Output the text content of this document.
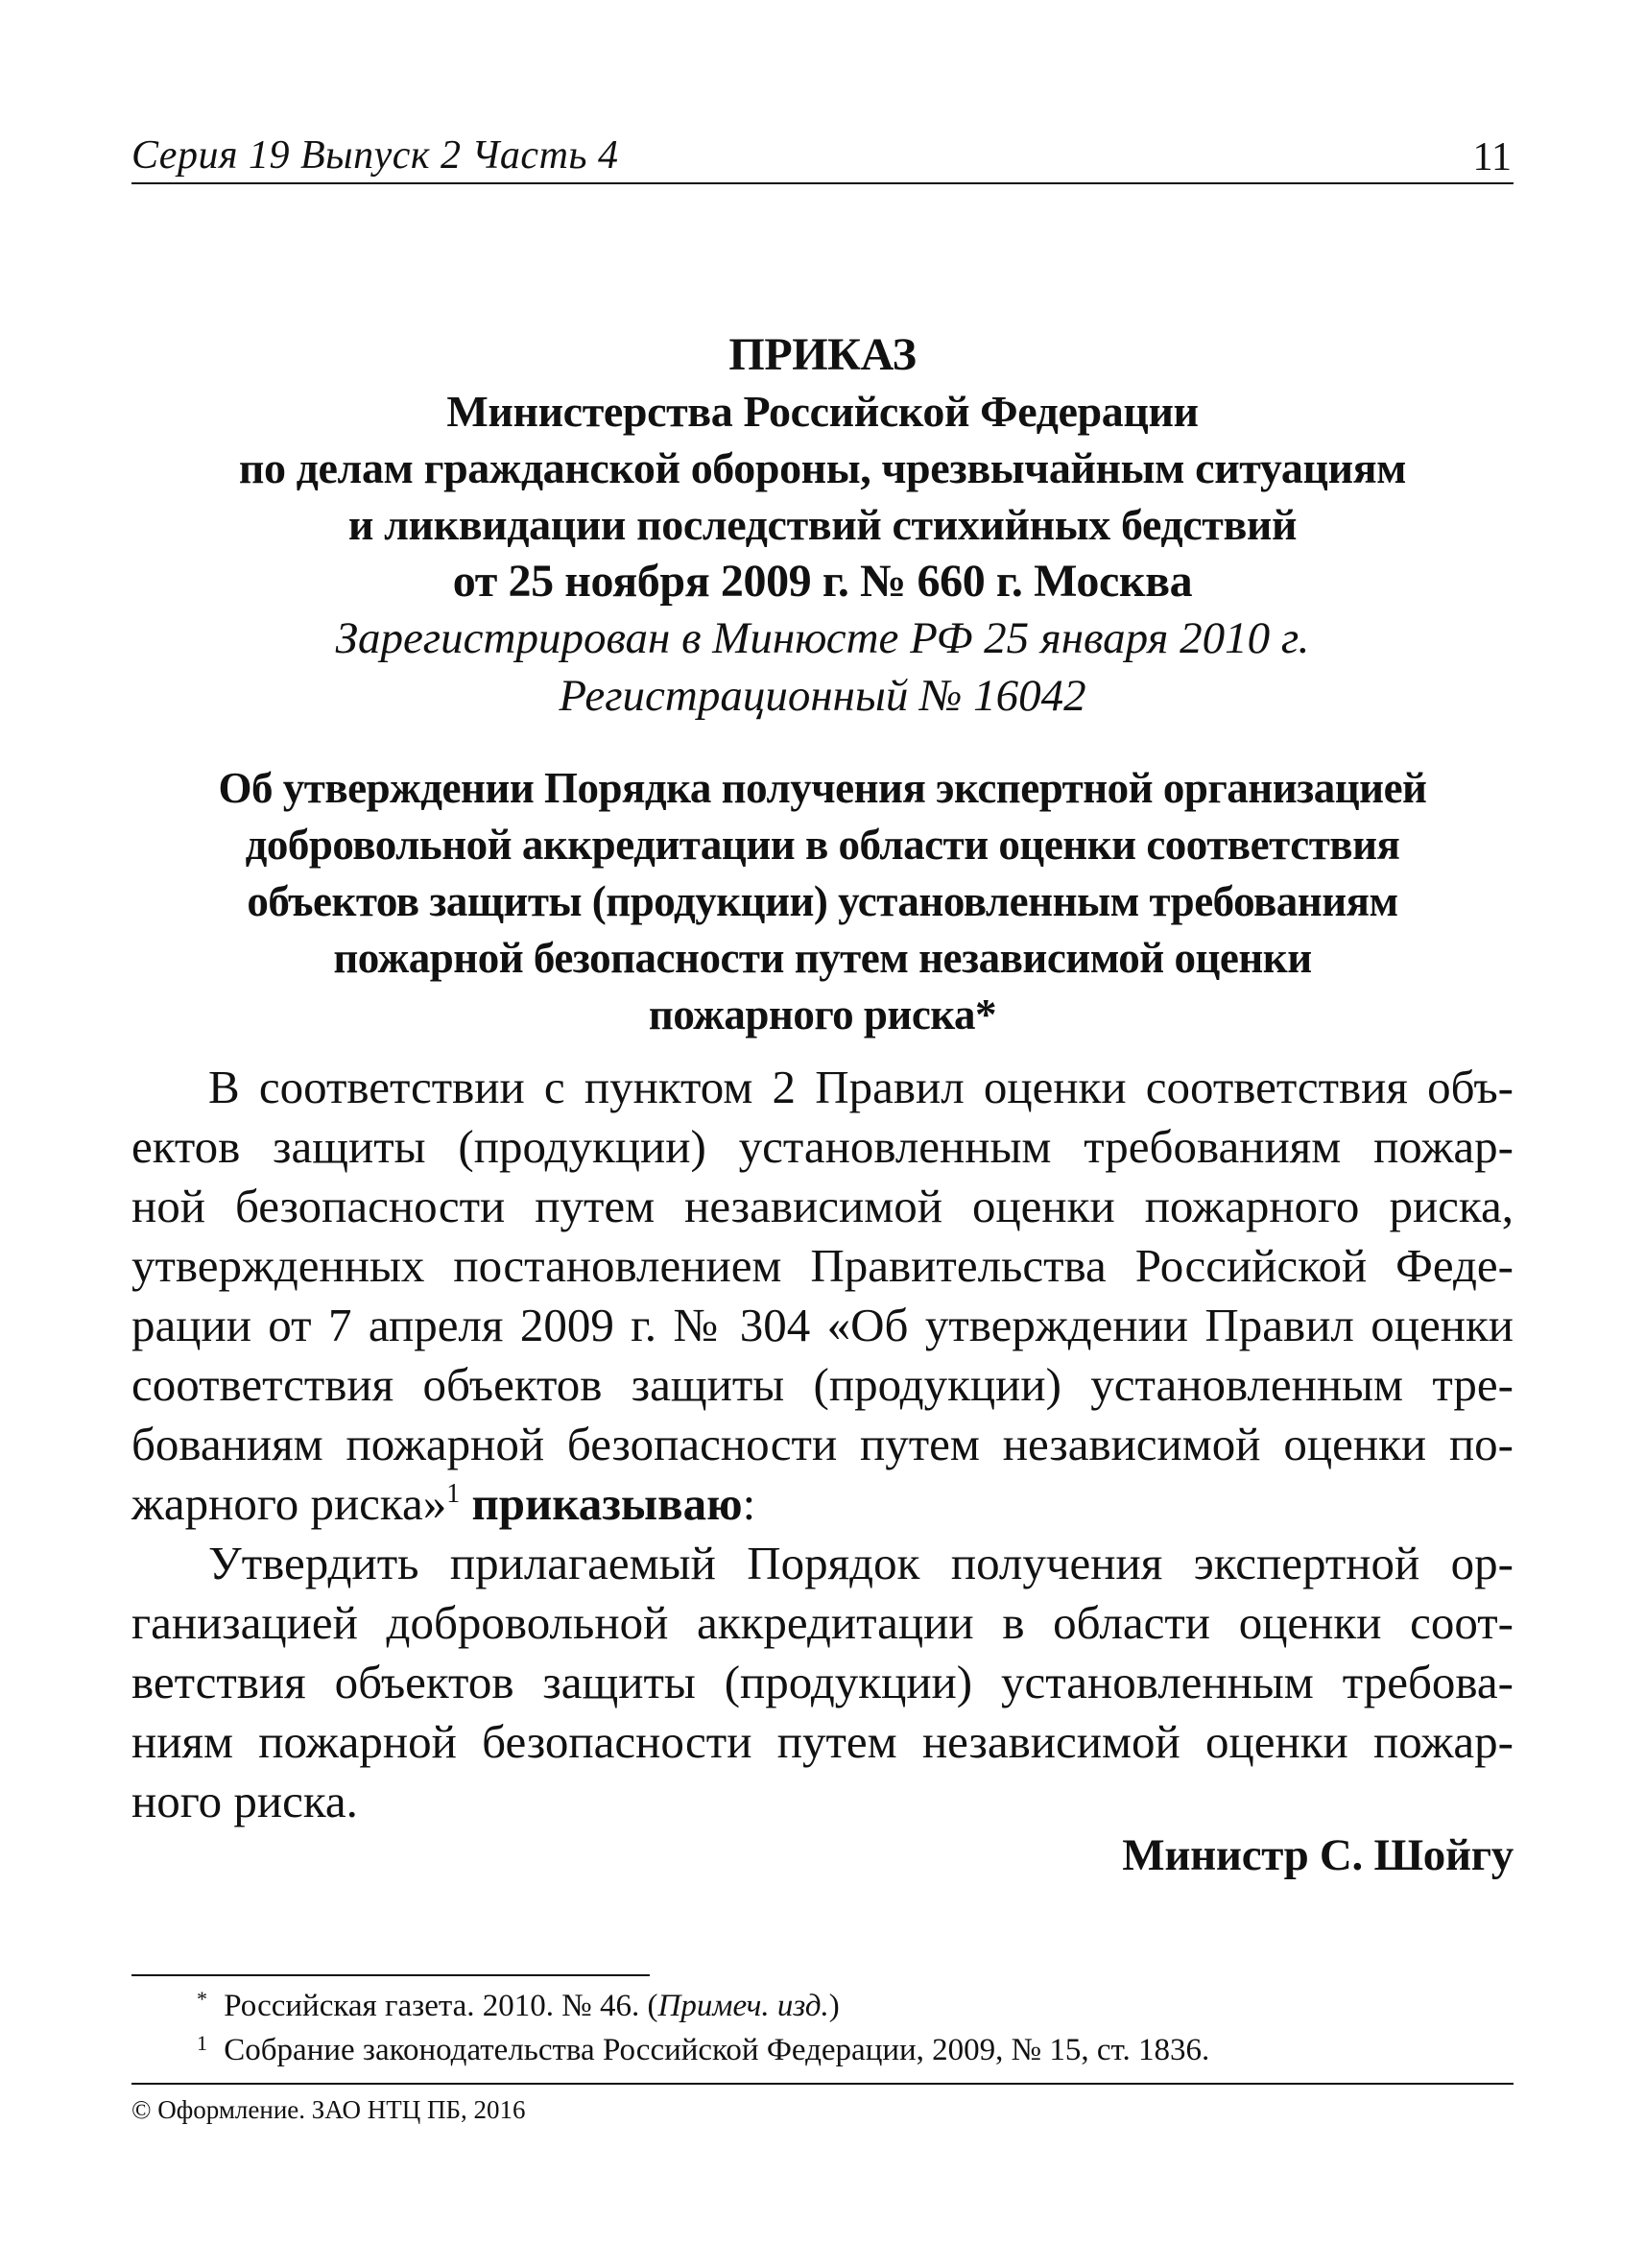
Серия 19 Выпуск 2 Часть 4	11
ПРИКАЗ
Министерства Российской Федерации
по делам гражданской обороны, чрезвычайным ситуациям
и ликвидации последствий стихийных бедствий
от 25 ноября 2009 г. № 660 г. Москва
Зарегистрирован в Минюсте РФ 25 января 2010 г.
Регистрационный № 16042
Об утверждении Порядка получения экспертной организацией
добровольной аккредитации в области оценки соответствия
объектов защиты (продукции) установленным требованиям
пожарной безопасности путем независимой оценки
пожарного риска*
В соответствии с пунктом 2 Правил оценки соответствия объ-
ектов защиты (продукции) установленным требованиям пожар-
ной безопасности путем независимой оценки пожарного риска,
утвержденных постановлением Правительства Российской Феде-
рации от 7 апреля 2009 г. № 304 «Об утверждении Правил оценки
соответствия объектов защиты (продукции) установленным тре-
бованиям пожарной безопасности путем независимой оценки по-
жарного риска»$^1$ приказываю:
Утвердить прилагаемый Порядок получения экспертной ор-
ганизацией добровольной аккредитации в области оценки соот-
ветствия объектов защиты (продукции) установленным требова-
ниям пожарной безопасности путем независимой оценки пожар-
ного риска.
Министр С. Шойгу
* Российская газета. 2010. № 46. (Примеч. изд.)
1 Собрание законодательства Российской Федерации, 2009, № 15, ст. 1836.
© Оформление. ЗАО НТЦ ПБ, 2016
